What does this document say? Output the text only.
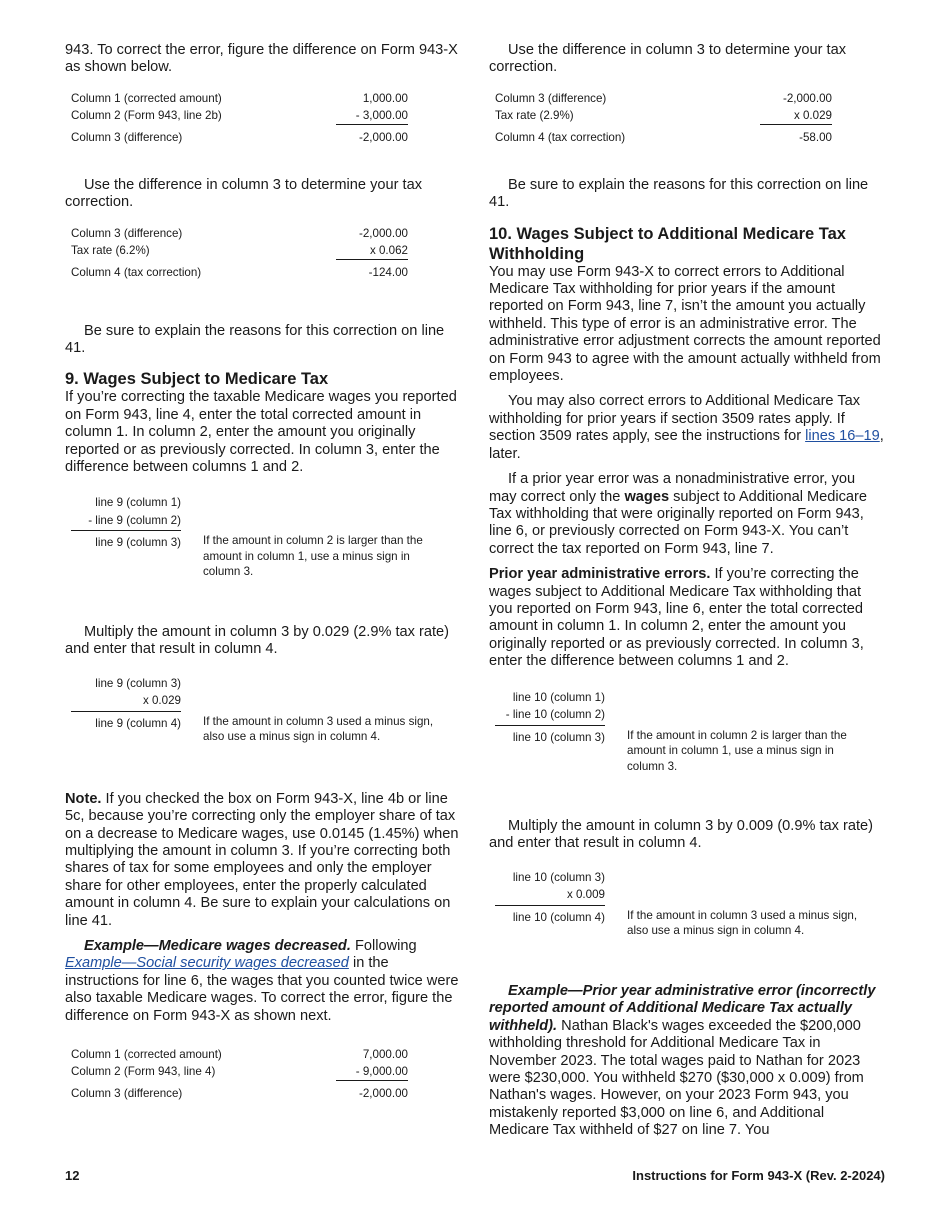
943. To correct the error, figure the difference on Form 943-X as shown below.

Column 1 (corrected amount)	1,000.00
Column 2 (Form 943, line 2b)	- 3,000.00
Column 3 (difference)	-2,000.00

Use the difference in column 3 to determine your tax correction.

Column 3 (difference)	-2,000.00
Tax rate (6.2%)	x 0.062
Column 4 (tax correction)	-124.00

Be sure to explain the reasons for this correction on line 41.

9. Wages Subject to Medicare Tax

If you’re correcting the taxable Medicare wages you reported on Form 943, line 4, enter the total corrected amount in column 1. In column 2, enter the amount you originally reported or as previously corrected. In column 3, enter the difference between columns 1 and 2.

line 9 (column 1)
- line 9 (column 2)
line 9 (column 3) If the amount in column 2 is larger than the amount in column 1, use a minus sign in column 3.

Multiply the amount in column 3 by 0.029 (2.9% tax rate) and enter that result in column 4.

line 9 (column 3)
x 0.029
line 9 (column 4) If the amount in column 3 used a minus sign, also use a minus sign in column 4.

Note. If you checked the box on Form 943-X, line 4b or line 5c, because you’re correcting only the employer share of tax on a decrease to Medicare wages, use 0.0145 (1.45%) when multiplying the amount in column 3. If you’re correcting both shares of tax for some employees and only the employer share for other employees, enter the properly calculated amount in column 4. Be sure to explain your calculations on line 41.

Example—Medicare wages decreased. Following Example—Social security wages decreased in the instructions for line 6, the wages that you counted twice were also taxable Medicare wages. To correct the error, figure the difference on Form 943-X as shown next.

Column 1 (corrected amount)	7,000.00
Column 2 (Form 943, line 4)	- 9,000.00
Column 3 (difference)	-2,000.00

Use the difference in column 3 to determine your tax correction.

Column 3 (difference)	-2,000.00
Tax rate (2.9%)	x 0.029
Column 4 (tax correction)	-58.00

Be sure to explain the reasons for this correction on line 41.

10. Wages Subject to Additional Medicare Tax Withholding

You may use Form 943-X to correct errors to Additional Medicare Tax withholding for prior years if the amount reported on Form 943, line 7, isn’t the amount you actually withheld. This type of error is an administrative error. The administrative error adjustment corrects the amount reported on Form 943 to agree with the amount actually withheld from employees.

You may also correct errors to Additional Medicare Tax withholding for prior years if section 3509 rates apply. If section 3509 rates apply, see the instructions for lines 16–19, later.

If a prior year error was a nonadministrative error, you may correct only the wages subject to Additional Medicare Tax withholding that were originally reported on Form 943, line 6, or previously corrected on Form 943-X. You can’t correct the tax reported on Form 943, line 7.

Prior year administrative errors. If you’re correcting the wages subject to Additional Medicare Tax withholding that you reported on Form 943, line 6, enter the total corrected amount in column 1. In column 2, enter the amount you originally reported or as previously corrected. In column 3, enter the difference between columns 1 and 2.

line 10 (column 1)
- line 10 (column 2)
line 10 (column 3) If the amount in column 2 is larger than the amount in column 1, use a minus sign in column 3.

Multiply the amount in column 3 by 0.009 (0.9% tax rate) and enter that result in column 4.

line 10 (column 3)
x 0.009
line 10 (column 4) If the amount in column 3 used a minus sign, also use a minus sign in column 4.

Example—Prior year administrative error (incorrectly reported amount of Additional Medicare Tax actually withheld). Nathan Black's wages exceeded the $200,000 withholding threshold for Additional Medicare Tax in November 2023. The total wages paid to Nathan for 2023 were $230,000. You withheld $270 ($30,000 x 0.009) from Nathan's wages. However, on your 2023 Form 943, you mistakenly reported $3,000 on line 6, and Additional Medicare Tax withheld of $27 on line 7. You

12	Instructions for Form 943-X (Rev. 2-2024)
